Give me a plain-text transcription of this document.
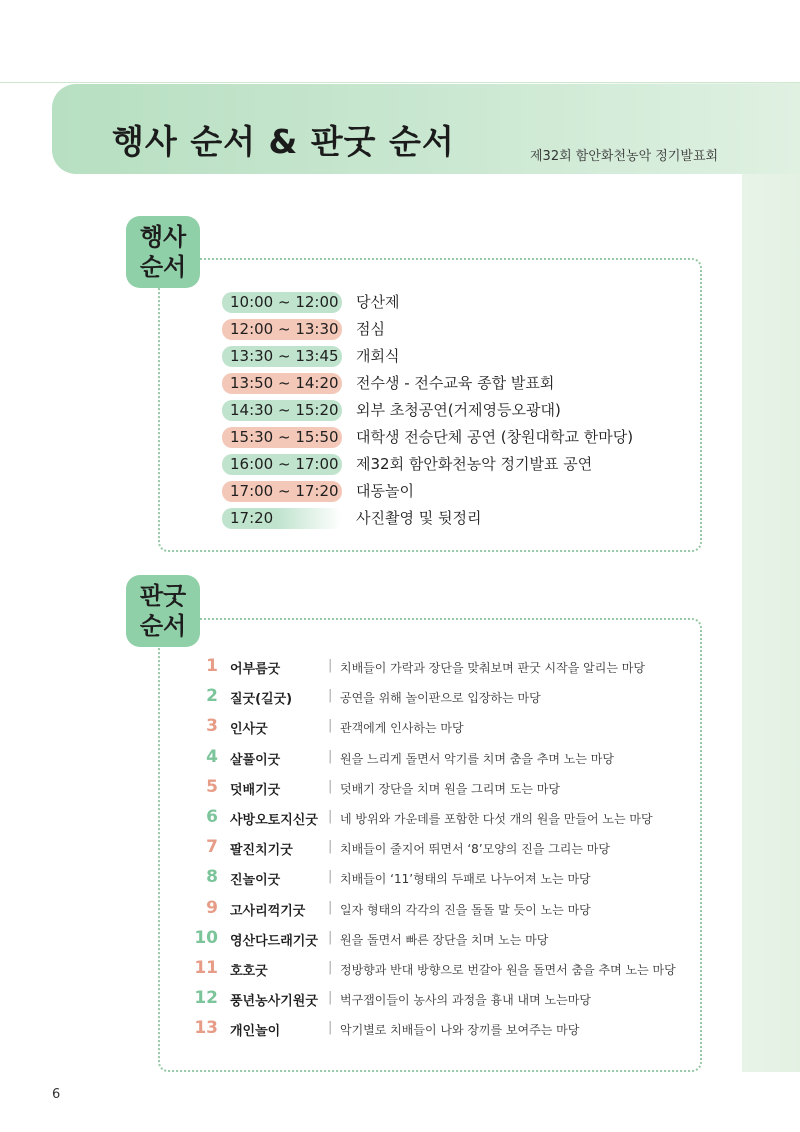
행사 순서 & 판굿 순서	제32회 함안화천농악 정기발표회
행사
순서
10:00 ~ 12:00 당산제
12:00 ~ 13:30 점심
13:30 ~ 13:45 개회식
13:50 ~ 14:20 전수생 - 전수교육 종합 발표회
14:30 ~ 15:20 외부 초청공연(거제영등오광대)
15:30 ~ 15:50 대학생 전승단체 공연 (창원대학교 한마당)
16:00 ~ 17:00 제32회 함안화천농악 정기발표 공연
17:00 ~ 17:20 대동놀이
17:20	사진촬영 및 뒷정리
판굿
순서
1 어부름굿	| 치배들이 가락과 장단을 맞춰보며 판굿 시작을 알리는 마당
2 질굿(길굿)	| 공연을 위해 놀이판으로 입장하는 마당
3 인사굿	| 관객에게 인사하는 마당
4 살풀이굿	| 원을 느리게 돌면서 악기를 치며 춤을 추며 노는 마당
5 덧배기굿	| 덧배기 장단을 치며 원을 그리며 도는 마당
6 사방오토지신굿 | 네 방위와 가운데를 포함한 다섯 개의 원을 만들어 노는 마당
7 팔진치기굿	| 치배들이 줄지어 뛰면서 ‘8’모양의 진을 그리는 마당
8 진놀이굿	| 치배들이 ‘11’형태의 두패로 나누어져 노는 마당
9 고사리꺽기굿 | 일자 형태의 각각의 진을 돌돌 말 듯이 노는 마당
10 영산다드래기굿 | 원을 돌면서 빠른 장단을 치며 노는 마당
11 호호굿	| 정방향과 반대 방향으로 번갈아 원을 돌면서 춤을 추며 노는 마당
12 풍년농사기원굿 | 벅구잽이들이 농사의 과정을 흉내 내며 노는마당
13 개인놀이	| 악기별로 치배들이 나와 장끼를 보여주는 마당
6
